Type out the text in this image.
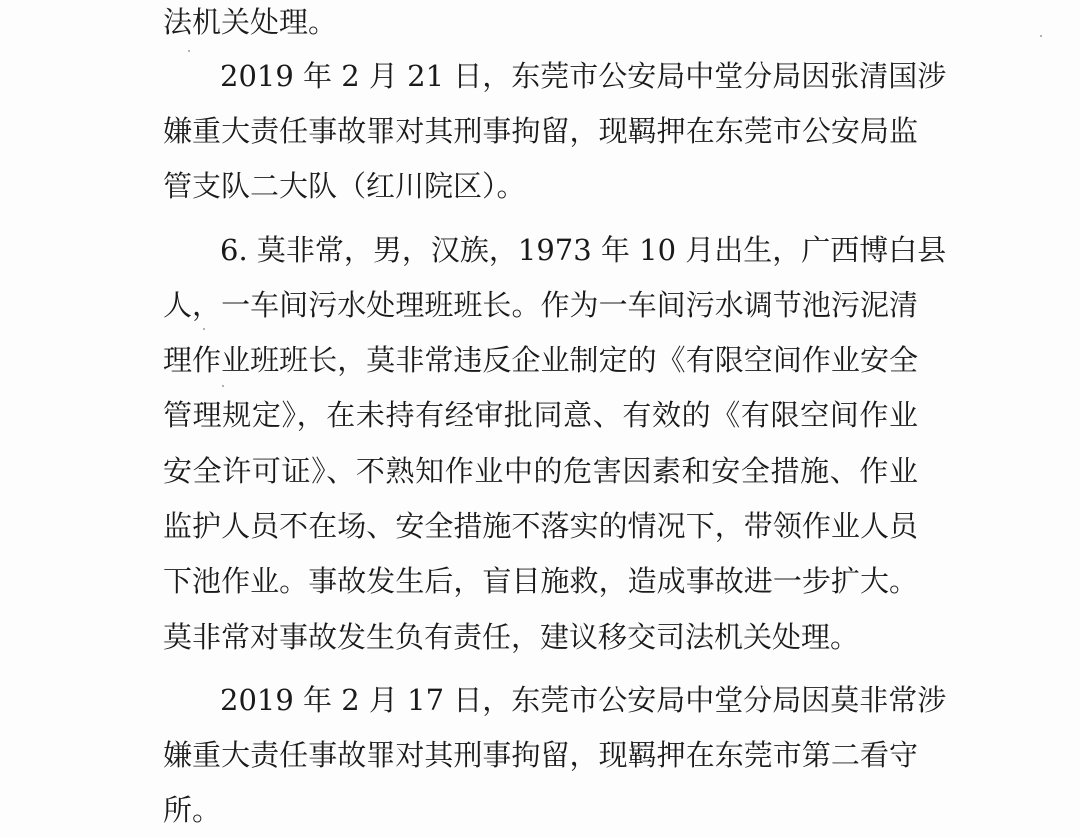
法机关处理。
2019 年 2 月 21 日，东莞市公安局中堂分局因张清国涉
嫌重大责任事故罪对其刑事拘留，现羁押在东莞市公安局监
管支队二大队（红川院区）。
6. 莫非常，男，汉族，1973 年 10 月出生，广西博白县
人，一车间污水处理班班长。作为一车间污水调节池污泥清
理作业班班长，莫非常违反企业制定的《有限空间作业安全
管理规定》，在未持有经审批同意、有效的《有限空间作业
安全许可证》、不熟知作业中的危害因素和安全措施、作业
监护人员不在场、安全措施不落实的情况下，带领作业人员
下池作业。事故发生后，盲目施救，造成事故进一步扩大。
莫非常对事故发生负有责任，建议移交司法机关处理。
2019 年 2 月 17 日，东莞市公安局中堂分局因莫非常涉
嫌重大责任事故罪对其刑事拘留，现羁押在东莞市第二看守
所。
